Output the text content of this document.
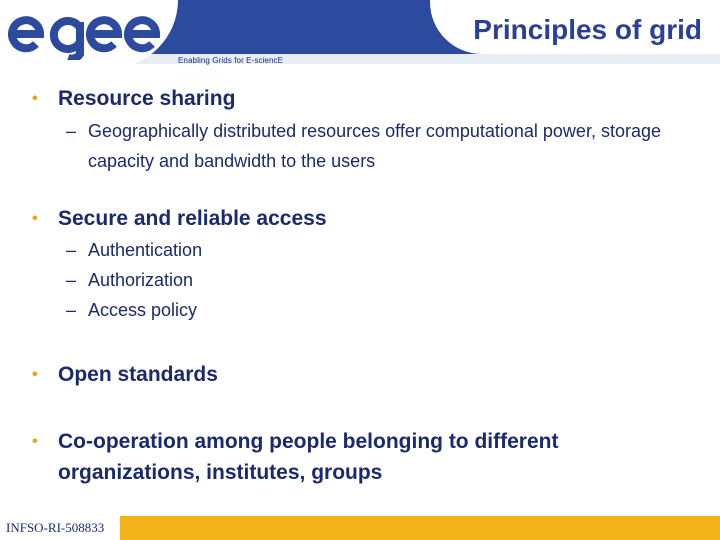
Enabling Grids for E-sciencE
Principles of grid
• Resource sharing
– Geographically distributed resources offer computational power, storage capacity and bandwidth to the users
• Secure and reliable access
– Authentication
– Authorization
– Access policy
• Open standards
• Co-operation among people belonging to different organizations, institutes, groups
INFSO-RI-508833
